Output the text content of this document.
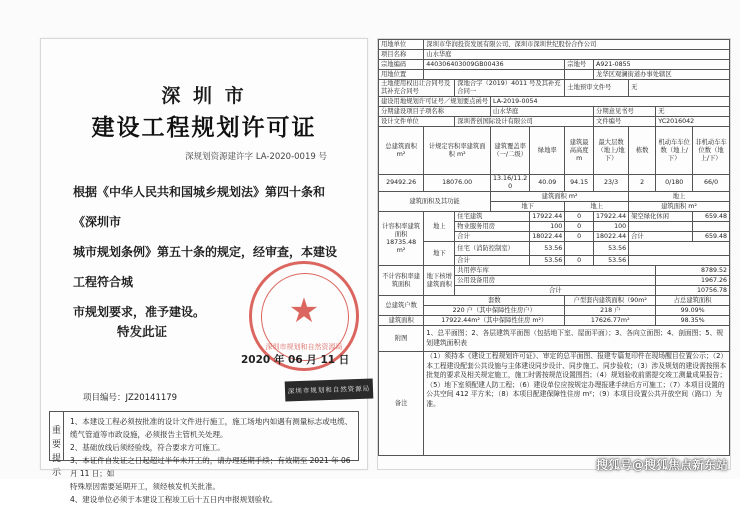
深 圳 市
建设工程规划许可证
深规划资源建许字 LA-2020-0019 号

根据《中华人民共和国城乡规划法》第四十条和《深圳市

城市规划条例》第五十条的规定，经审查，本建设工程符合城

市规划要求，准予建设。

特发此证
★
深圳市规划和自然资源局
2020 年 06 月 11 日
项目编号：JZ20141179
深圳市规划和自然资源局
重要提示
1、本建设工程必须按批准的设计文件进行施工，施工场地内如遇有测量标志或电缆、
缆气管道等市政设施，必须报告主管机关处理。
2、基础放线后须经验线，符合要求方可施工。
3、本证件自发证之日起超过半年未开工的，请办理延期手续；有效期至 2021 年 06 月 11 日；如
特殊原因需要延期开工，须经核发机关批准。
4、建设单位必须于本建设工程竣工后十五日内申报规划验收。
用地单位	深圳市华润投资发展有限公司、深圳市深圳世纪股份合作公司								
项目名称	山水华庭								
宗地编码	440306403009GB00436				宗地号	A921-0855			
用地位置						龙华区观澜街道办事处辖区			
土地使用权出让合同号及其补充合同号		深地合字（2019）4011 号及其补充合同一			土地预审文件号		无		
建设用地规划许可证号／规划要点函号			LA-2019-0054						
分期建设项目子项名称			山水华庭			分期意见书号		无	
设计文件单位		深圳普创国际设计有限公司				文件编号		YC2016042	
总建筑面积 m²	计规定容积率建筑面积 m²		建筑覆盖率（一/二级）	绿地率	建筑最高高度 m	最大层数（地上/地下）	栋数	机动车车位数（地上/下）	非机动车车位数（地上/下）
29492.26	18076.00		13.16/11.2 0	40.09	94.15	23/3	2	0/180	66/0
建筑面积及其功能			建筑面积 m²				地上		
			地下		地上		建筑面积 m²		
计容积率建筑面积
18735.48 m²	地上	住宅建筑		17922.44	0	17922.44	架空绿化休闲		659.48
		物业服务用房		100	0	100			
		合计		18022.44	0	18022.44	合计		659.48
	地下	住宅（消防控制室）		53.56		53.56			
		合计		53.56	0	53.56			
不计容积率建筑面积	地下核增建筑面积	共用停车库						8789.52	
		公用设备用房						1967.26	
		合计						10756.78	
总建筑户数	套数				户型套内建筑面积（90m²			占总建筑面积	
	220 户（其中保障性住房户）				218 户			99.09%	
建筑面积	17922.44m²（其中保障性住房 m²）				17626.77m²			98.35%	
附图	1、总平面图；2、各层建筑平面图（包括地下室、屋面平面）；3、各向立面图；4、剖面图；5、规划建筑面积表								
备注	（1）须持本《建设工程规划许可证》、审定的总平面图、报建专篇复印件在现场醒目位置公示；（2）本工程建设配套公共设施与主体建设同步设计、同步施工、同步验收；（3）涉及规划的建设需按照本批复的要求及相关规定施工，施工时需按规范设置围挡；（4）规划验收前需提交竣工测量成果报告；（5）地下室须配建人防工程；（6）建设单位应按规定办理报建手续后方可施工；（7）本项目设置的公共空间 412 平方米；（8）本项目配建保障性住房 m²；（9）本项目设置公共开放空间（路口）为准。								
搜狐号@搜狐焦点新东站
